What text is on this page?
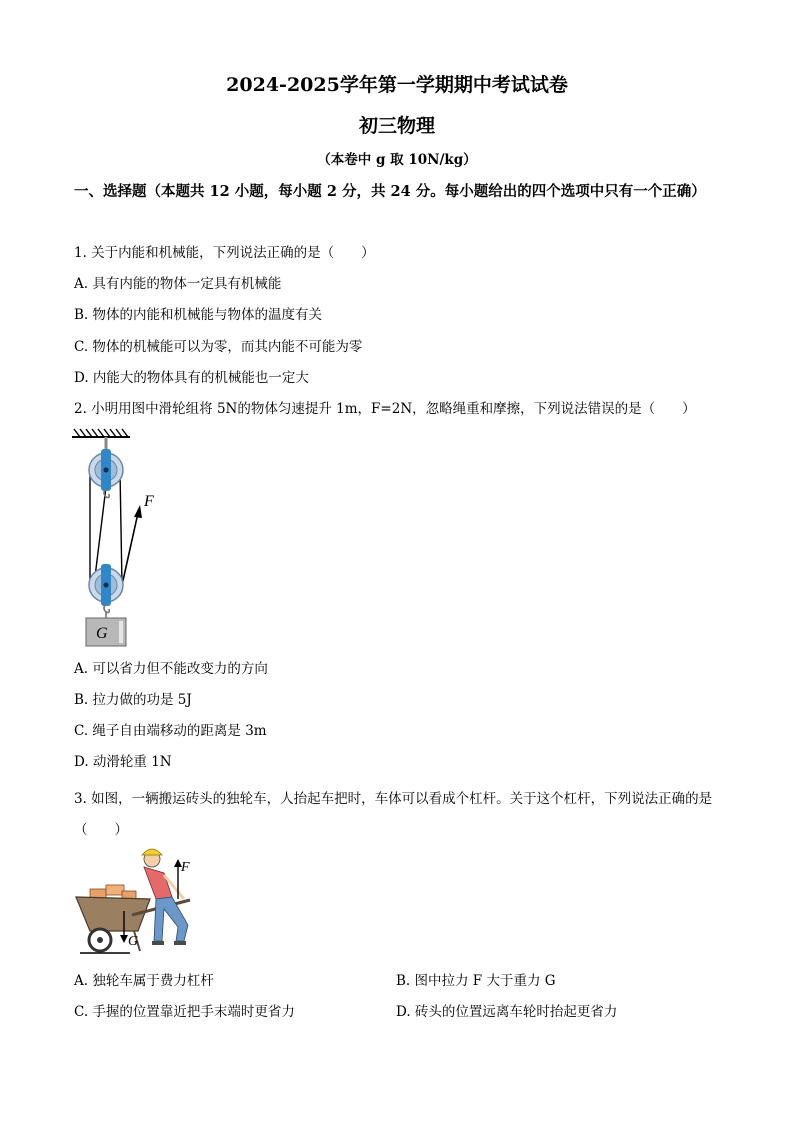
2024-2025学年第一学期期中考试试卷
初三物理
（本卷中 g 取 10N/kg）
一、选择题（本题共 12 小题，每小题 2 分，共 24 分。每小题给出的四个选项中只有一个正确）
1. 关于内能和机械能，下列说法正确的是（　　）
A. 具有内能的物体一定具有机械能
B. 物体的内能和机械能与物体的温度有关
C. 物体的机械能可以为零，而其内能不可能为零
D. 内能大的物体具有的机械能也一定大
2. 小明用图中滑轮组将 5N的物体匀速提升 1m，F=2N，忽略绳重和摩擦，下列说法错误的是（　　）
F
G
A. 可以省力但不能改变力的方向
B. 拉力做的功是 5J
C. 绳子自由端移动的距离是 3m
D. 动滑轮重 1N
3. 如图，一辆搬运砖头的独轮车，人抬起车把时，车体可以看成个杠杆。关于这个杠杆，下列说法正确的是（　　）
G
F
A. 独轮车属于费力杠杆	B. 图中拉力 F 大于重力 G
C. 手握的位置靠近把手末端时更省力	D. 砖头的位置远离车轮时抬起更省力
